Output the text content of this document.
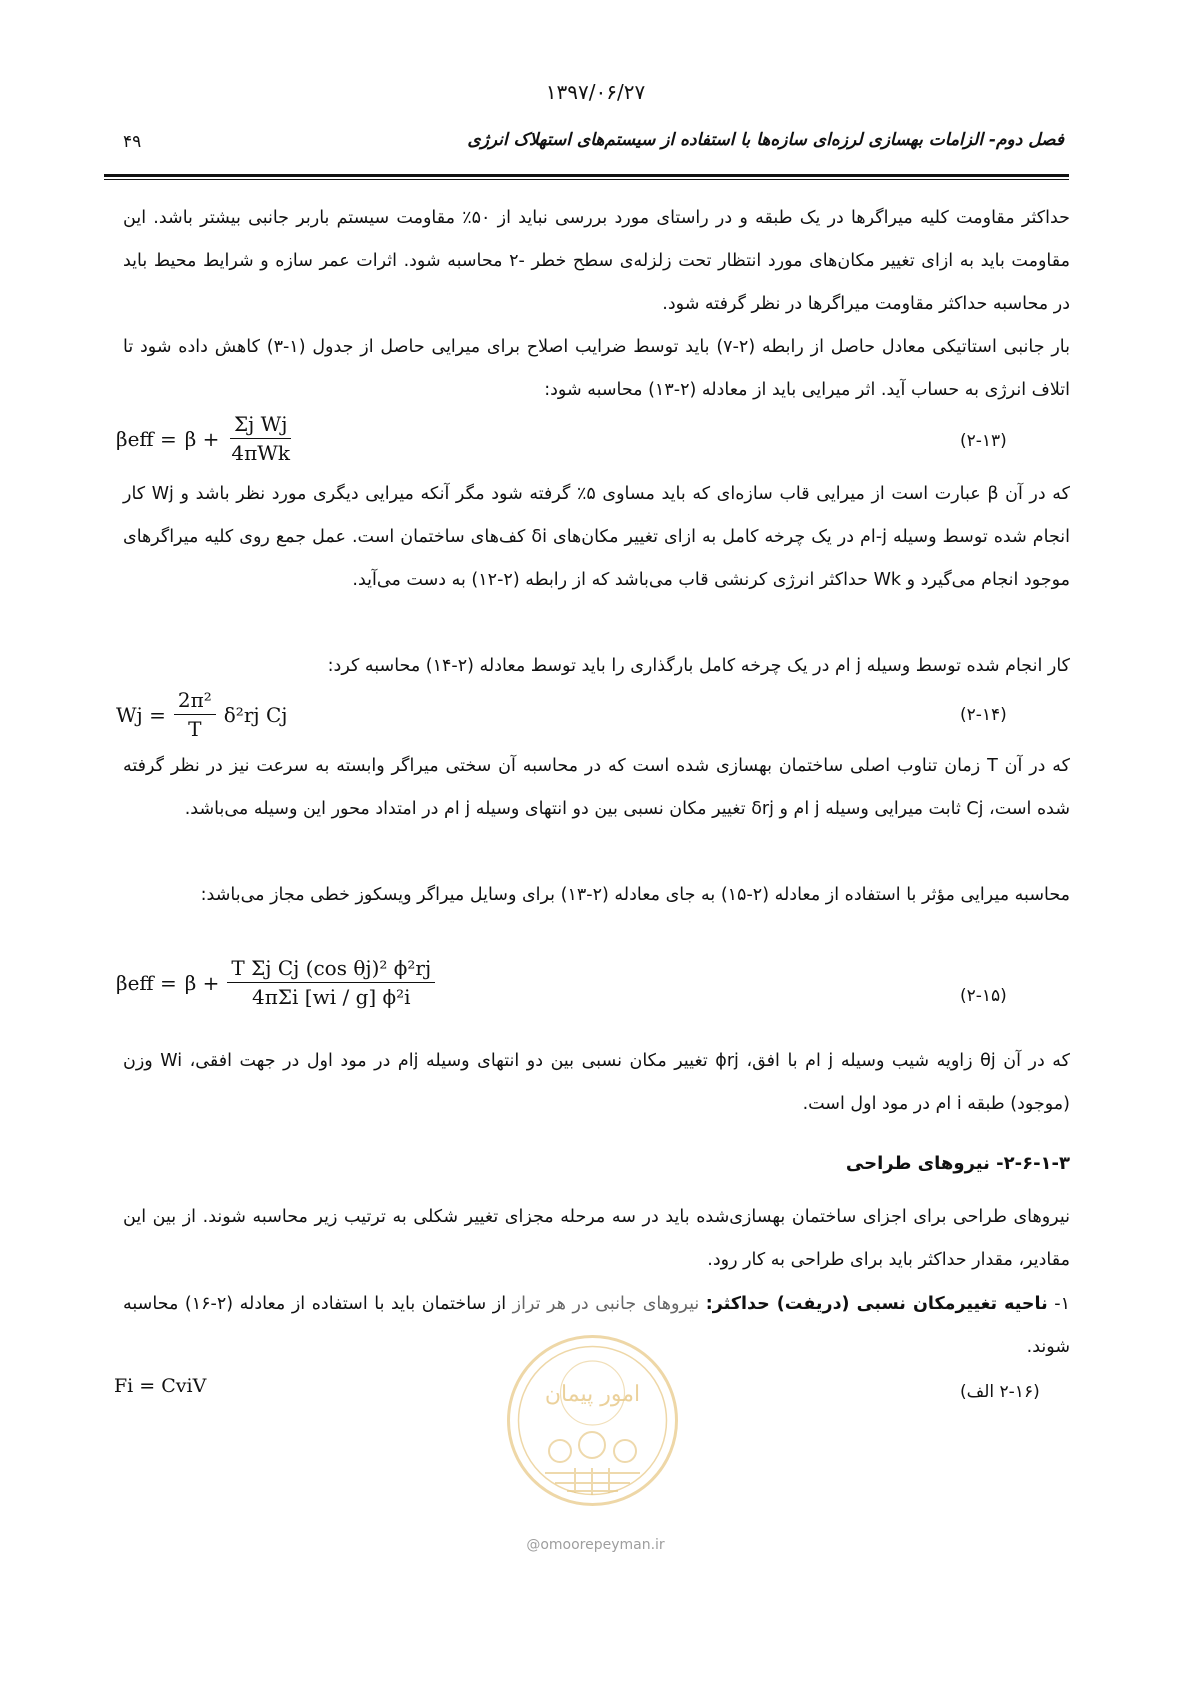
۱۳۹۷/۰۶/۲۷
۴۹	فصل دوم- الزامات بهسازی لرزه‌ای سازه‌ها با استفاده از سیستم‌های استهلاک انرژی
حداکثر مقاومت کلیه میراگرها در یک طبقه و در راستای مورد بررسی نباید از ۵۰٪ مقاومت سیستم باربر جانبی بیشتر باشد. این مقاومت باید به ازای تغییر مکان‌های مورد انتظار تحت زلزله‌ی سطح خطر -۲ محاسبه شود. اثرات عمر سازه و شرایط محیط باید در محاسبه حداکثر مقاومت میراگرها در نظر گرفته شود.
بار جانبی استاتیکی معادل حاصل از رابطه (۲-۷) باید توسط ضرایب اصلاح برای میرایی حاصل از جدول (۱-۳) کاهش داده شود تا اتلاف انرژی به حساب آید. اثر میرایی باید از معادله (۲-۱۳) محاسبه شود:
$\beta eff = \beta + \frac{\text{Σj Wj}}{\text{4πWk}}$	(۲-۱۳)
که در آن β عبارت است از میرایی قاب سازه‌ای که باید مساوی ۵٪ گرفته شود مگر آنکه میرایی دیگری مورد نظر باشد و Wj کار انجام شده توسط وسیله j-ام در یک چرخه کامل به ازای تغییر مکان‌های δi کف‌های ساختمان است. عمل جمع روی کلیه میراگرهای موجود انجام می‌گیرد و Wk حداکثر انرژی کرنشی قاب می‌باشد که از رابطه (۲-۱۲) به دست می‌آید.
کار انجام شده توسط وسیله j ام در یک چرخه کامل بارگذاری را باید توسط معادله (۲-۱۴) محاسبه کرد:
$Wj = \frac{\text{2π²}}{T} \delta^2rj$ Cj	(۲-۱۴)
که در آن T زمان تناوب اصلی ساختمان بهسازی شده است که در محاسبه آن سختی میراگر وابسته به سرعت نیز در نظر گرفته شده است، Cj ثابت میرایی وسیله j ام و δrj تغییر مکان نسبی بین دو انتهای وسیله j ام در امتداد محور این وسیله می‌باشد.
محاسبه میرایی مؤثر با استفاده از معادله (۲-۱۵) به جای معادله (۲-۱۳) برای وسایل میراگر ویسکوز خطی مجاز می‌باشد:
$\beta eff = \beta + \frac{\text{T Σj Cj (cos θj)² ϕ²rj}}{\text{4πΣi [wi / g] ϕ²i}}$	(۲-۱۵)
که در آن θj زاویه شیب وسیله j ام با افق، ϕrj تغییر مکان نسبی بین دو انتهای وسیله jام در مود اول در جهت افقی، Wi وزن (موجود) طبقه i ام در مود اول است.
۲-۶-۱-۳- نیروهای طراحی
نیروهای طراحی برای اجزای ساختمان بهسازی‌شده باید در سه مرحله مجزای تغییر شکلی به ترتیب زیر محاسبه شوند. از بین این مقادیر، مقدار حداکثر باید برای طراحی به کار رود.
۱- ناحیه تغییرمکان نسبی (دریفت) حداکثر: نیروهای جانبی در هر تراز از ساختمان باید با استفاده از معادله (۲-۱۶) محاسبه شوند.
Fi = CviV	(۲-۱۶ الف)
امور پیمان
@omoorepeyman.ir
